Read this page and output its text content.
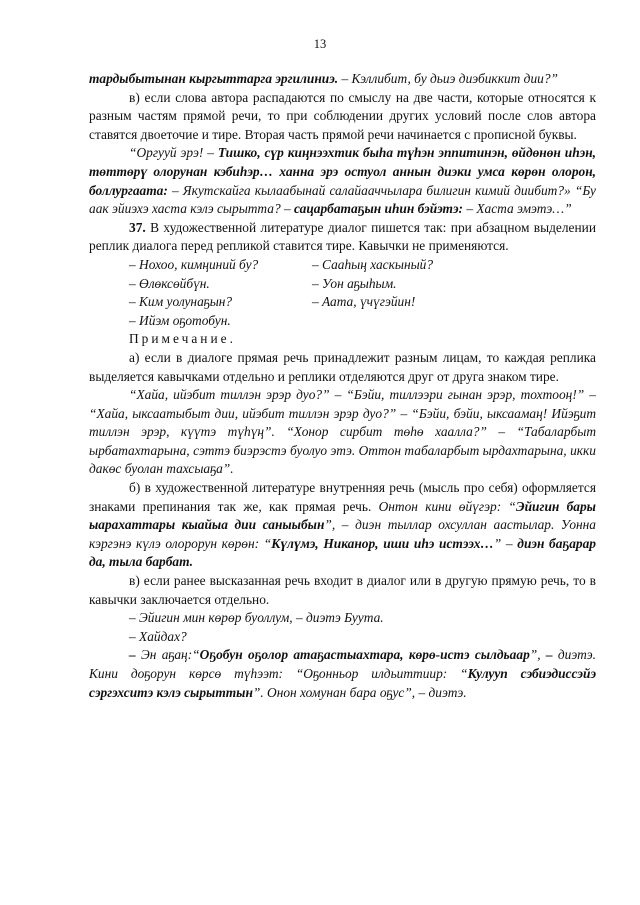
13

тардыбытынан кыргыттарга эргилиниэ. – Кэллибит, бу дьиэ диэбиккит дии?”

в) если слова автора распадаются по смыслу на две части, которые относятся к разным частям прямой речи, то при соблюдении других условий после слов автора ставятся двоеточие и тире. Вторая часть прямой речи начинается с прописной буквы.

“Оргууй эрэ! – Тишко, сүр киңнээхтик быһа түһэн эппитинэн, өйдөнөн иһэн, төттөрү олорунан кэбиһэр… ханна эрэ остуол аннын диэки умса көрөн олорон, боллургаата: – Якутскайга кылаабынай салайааччылара билигин кимий диибит?» “Бу аак эйиэхэ хаста кэлэ сырытта? – сацарбатаҕын иһин бэйэтэ: – Хаста эмэтэ…”

37. В художественной литературе диалог пишется так: при абзацном выделении реплик диалога перед репликой ставится тире. Кавычки не применяются.

– Нохоо, кимңиний бу?	– Сааһың хаскыный?
– Өлөксөйбүн.	– Уон аҕыһым.
– Ким уолунаҕын?	– Аата, үчүгэйин!
– Ийэм оҕотобун.

Примечание.

а) если в диалоге прямая речь принадлежит разным лицам, то каждая реплика выделяется кавычками отдельно и реплики отделяются друг от друга знаком тире.

“Хайа, ийэбит тиллэн эрэр дуо?” – “Бэйи, тиллээри гынан эрэр, тохтооң!” – “Хайа, ыксаатыбыт дии, ийэбит тиллэн эрэр дуо?” – “Бэйи, бэйи, ыксаамаң! Ийэҕит тиллэн эрэр, күүтэ түһүң”. “Хонор сирбит төһө хаалла?” – “Табаларбыт ырбатахтарына, сэттэ биэрэстэ буолуо этэ. Оттон табаларбыт ырдахтарына, икки дакөс буолан тахсыаҕа”.

б) в художественной литературе внутренняя речь (мысль про себя) оформляется знаками препинания так же, как прямая речь. Онтон кини өйүгэр: “Эйигин бары ыарахаттары кыайыа дии саныыбын”, – диэн тыллар охсуллан аастылар. Уонна кэргэнэ күлэ олорорун көрөн: “Күлүмэ, Никанор, иши иһэ истээх…” – диэн баҕарар да, тыла барбат.

в) если ранее высказанная речь входит в диалог или в другую прямую речь, то в кавычки заключается отдельно.

– Эйигин мин көрөр буоллум, – диэтэ Буута.

– Хайдах?

– Эн аҕаң:“Оҕобун оҕолор атаҕастыахтара, көрө-истэ сылдьаар”, – диэтэ. Кини доҕорун көрсө түһээт: “Оҕонньор илдьиттиир: “Кулууп сэбиэдиссэйэ сэргэхситэ кэлэ сырыттын”. Онон хомунан бара оҕус”, – диэтэ.
